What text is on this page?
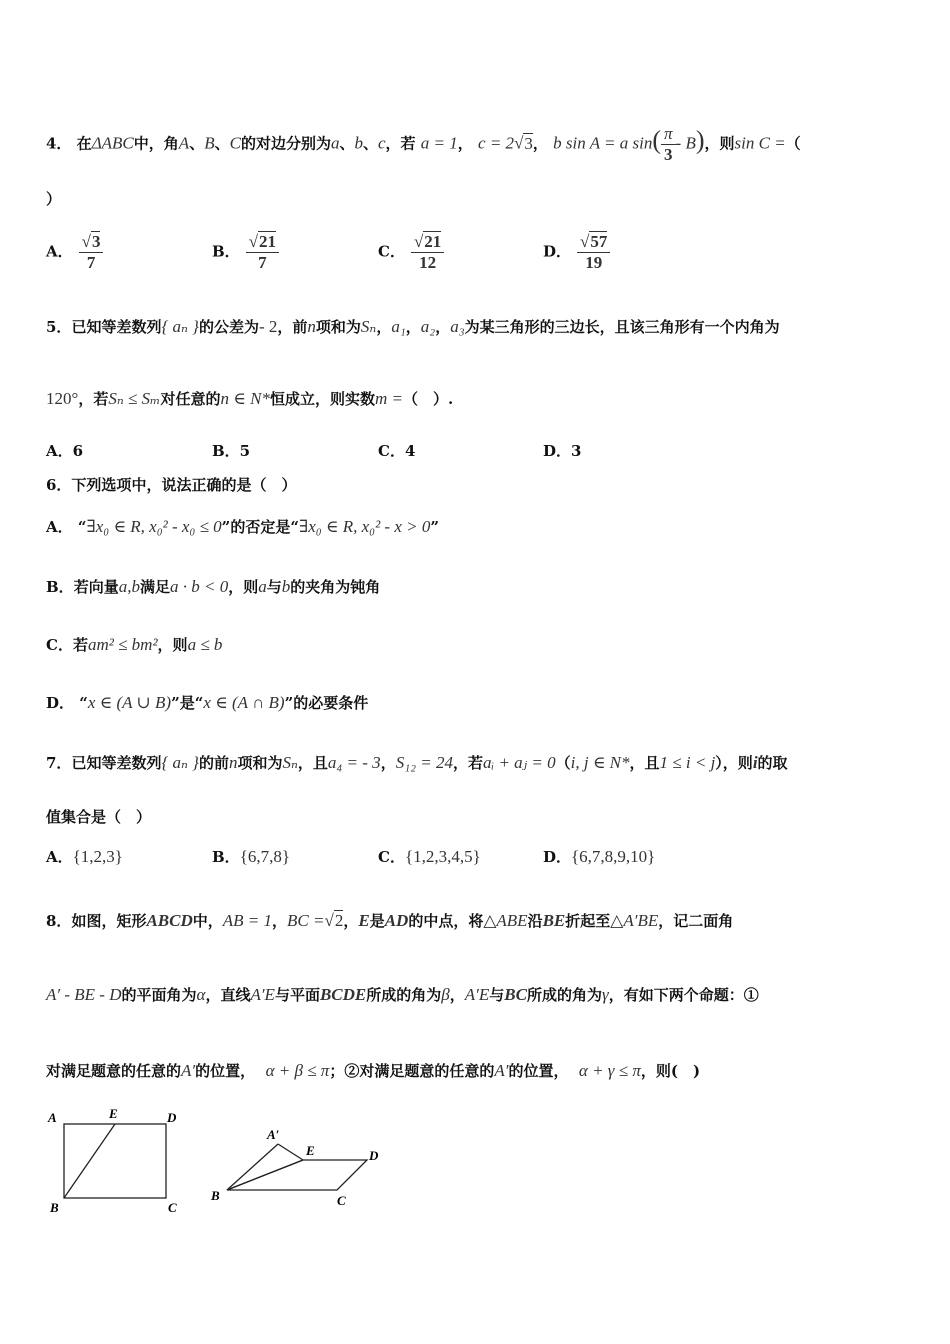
4． 在ΔABC中，角A、B、C的对边分别为a、b、c，若 a = 1， c = 2√3， b sin A = a $\sin( \frac{\pi}{3} - B)$，则sin C =（
）
A． $\frac{√3}{7}$	B． $\frac{√21}{7}$	C． $\frac{√21}{12}$	D． $\frac{√57}{19}$
5．已知等差数列{ aₙ }的公差为- 2，前n项和为Sₙ，a₁，a₂，a₃为某三角形的三边长，且该三角形有一个内角为
120°，若Sₙ ≤ Sₘ对任意的n ∈ N*恒成立，则实数m =（　）.
A．6	B．5	C．4	D．3
6．下列选项中，说法正确的是（　）
A． “∃x₀ ∈ R, x₀² - x₀ ≤ 0”的否定是“∃x₀ ∈ R, x₀² - x > 0”
B．若向量a,b满足a · b < 0，则a与b的夹角为钝角
C．若am² ≤ bm²，则a ≤ b
D． “x ∈ (A ∪ B)”是“x ∈ (A ∩ B)”的必要条件
7．已知等差数列{ aₙ }的前n项和为Sₙ，且a₄ = - 3，S₁₂ = 24，若aᵢ + aⱼ = 0（i, j ∈ N*，且1 ≤ i < j），则i的取
值集合是（　）
A．{1,2,3}	B．{6,7,8}	C．{1,2,3,4,5}	D．{6,7,8,9,10}
8．如图，矩形ABCD中，AB = 1，BC =√2，E是AD的中点，将△ABE沿BE折起至△A′BE，记二面角
A′ - BE - D的平面角为α，直线A′E与平面BCDE所成的角为β，A′E与BC所成的角为γ，有如下两个命题：①
对满足题意的任意的A′的位置， α + β ≤ π；②对满足题意的任意的A′的位置， α + γ ≤ π，则(　)
A	E	D
B	C
A′
E	D
B	C
